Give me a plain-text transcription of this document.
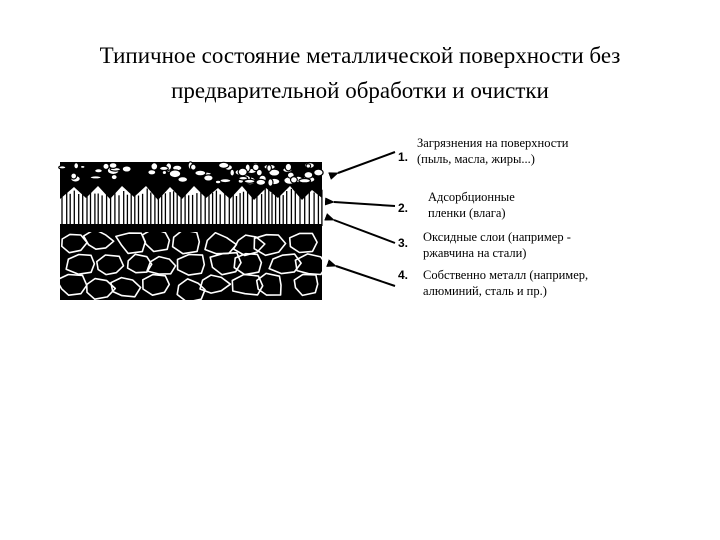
Типичное состояние металлической поверхности без
предварительной обработки и очистки
1.
Загрязнения на поверхности
(пыль, масла, жиры...)
2.
Адсорбционные
пленки (влага)
3. Оксидные слои (например -
ржавчина на стали)
4. Собственно металл (например,
алюминий, сталь и пр.)
